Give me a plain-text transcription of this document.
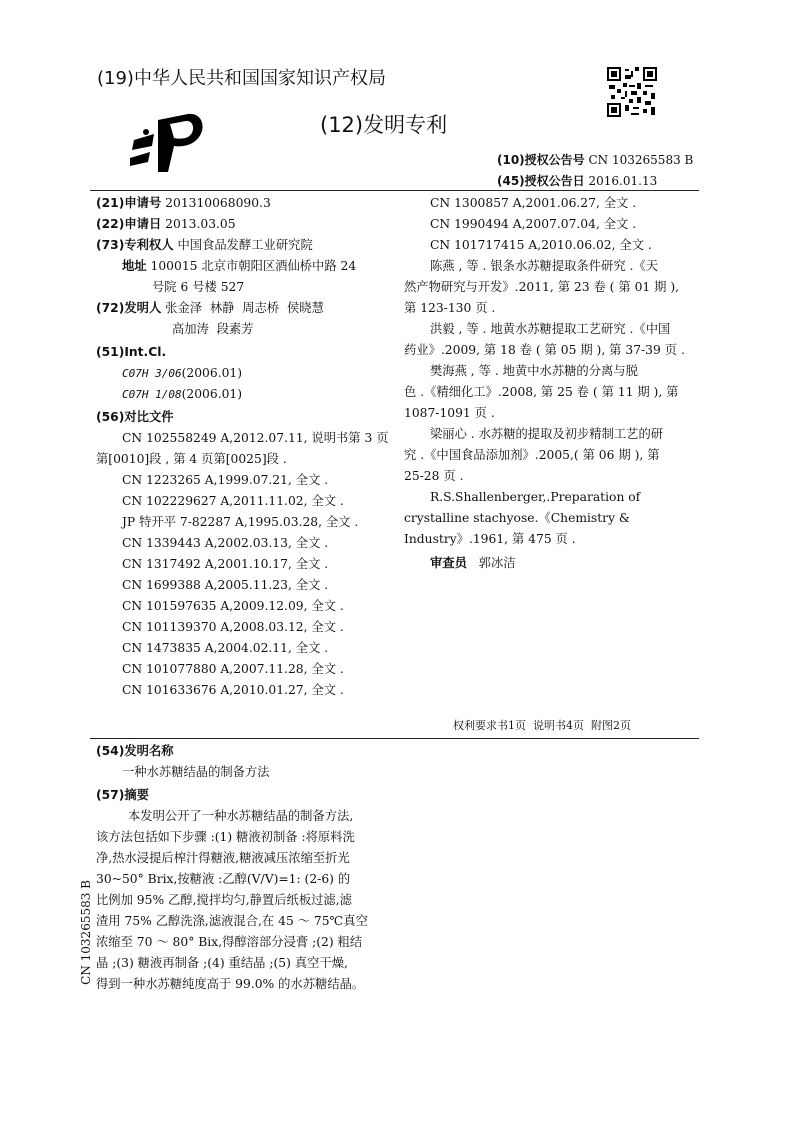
(19)中华人民共和国国家知识产权局
(12)发明专利
(10)授权公告号 CN 103265583 B
(45)授权公告日 2016.01.13
(21)申请号 201310068090.3
(22)申请日 2013.03.05
(73)专利权人 中国食品发酵工业研究院
地址 100015 北京市朝阳区酒仙桥中路 24
号院 6 号楼 527
(72)发明人 张金泽  林静  周志桥  侯晓慧
高加涛  段素芳
(51)Int.Cl.
C07H 3/06(2006.01)
C07H 1/08(2006.01)
(56)对比文件
CN 102558249 A,2012.07.11, 说明书第 3 页
第[0010]段 , 第 4 页第[0025]段 .
CN 1223265 A,1999.07.21, 全文 .
CN 102229627 A,2011.11.02, 全文 .
JP 特开平 7-82287 A,1995.03.28, 全文 .
CN 1339443 A,2002.03.13, 全文 .
CN 1317492 A,2001.10.17, 全文 .
CN 1699388 A,2005.11.23, 全文 .
CN 101597635 A,2009.12.09, 全文 .
CN 101139370 A,2008.03.12, 全文 .
CN 1473835 A,2004.02.11, 全文 .
CN 101077880 A,2007.11.28, 全文 .
CN 101633676 A,2010.01.27, 全文 .
CN 1300857 A,2001.06.27, 全文 .
CN 1990494 A,2007.07.04, 全文 .
CN 101717415 A,2010.06.02, 全文 .
陈燕 , 等 . 银条水苏糖提取条件研究 .《天
然产物研究与开发》.2011, 第 23 卷 ( 第 01 期 ),
第 123-130 页 .
洪毅 , 等 . 地黄水苏糖提取工艺研究 .《中国
药业》.2009, 第 18 卷 ( 第 05 期 ), 第 37-39 页 .
樊海燕 , 等 . 地黄中水苏糖的分离与脱
色 .《精细化工》.2008, 第 25 卷 ( 第 11 期 ), 第
1087-1091 页 .
梁丽心 . 水苏糖的提取及初步精制工艺的研
究 .《中国食品添加剂》.2005,( 第 06 期 ), 第
25-28 页 .
R.S.Shallenberger,.Preparation of
crystalline stachyose.《Chemistry &
Industry》.1961, 第 475 页 .
审查员 郭冰洁
权利要求书1页  说明书4页  附图2页
(54)发明名称
一种水苏糖结晶的制备方法
(57)摘要
本发明公开了一种水苏糖结晶的制备方法,
该方法包括如下步骤 :(1) 糖液初制备 :将原料洗
净,热水浸提后榨汁得糖液,糖液减压浓缩至折光
30~50° Brix,按糖液 :乙醇(V/V)=1: (2-6) 的
比例加 95% 乙醇,搅拌均匀,静置后纸板过滤,滤
渣用 75% 乙醇洗涤,滤液混合,在 45 ～ 75℃真空
浓缩至 70 ～ 80° Bix,得醇溶部分浸膏 ;(2) 粗结
晶 ;(3) 糖液再制备 ;(4) 重结晶 ;(5) 真空干燥,
得到一种水苏糖纯度高于 99.0% 的水苏糖结晶。
CN 103265583 B
